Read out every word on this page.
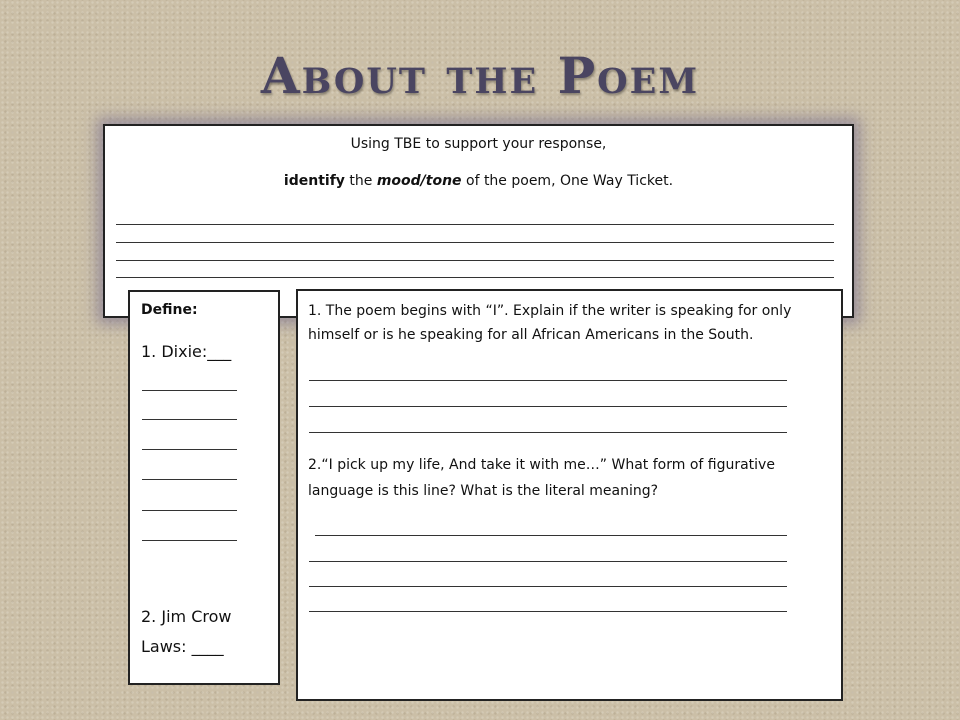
About the Poem
Using TBE to support your response,
identify the mood/tone of the poem, One Way Ticket.
Define:
1. Dixie:___
2. Jim Crow
Laws: ____
1. The poem begins with “I”. Explain if the writer is speaking for only
himself or is he speaking for all African Americans in the South.
2.“I pick up my life, And take it with me…” What form of figurative
language is this line? What is the literal meaning?
